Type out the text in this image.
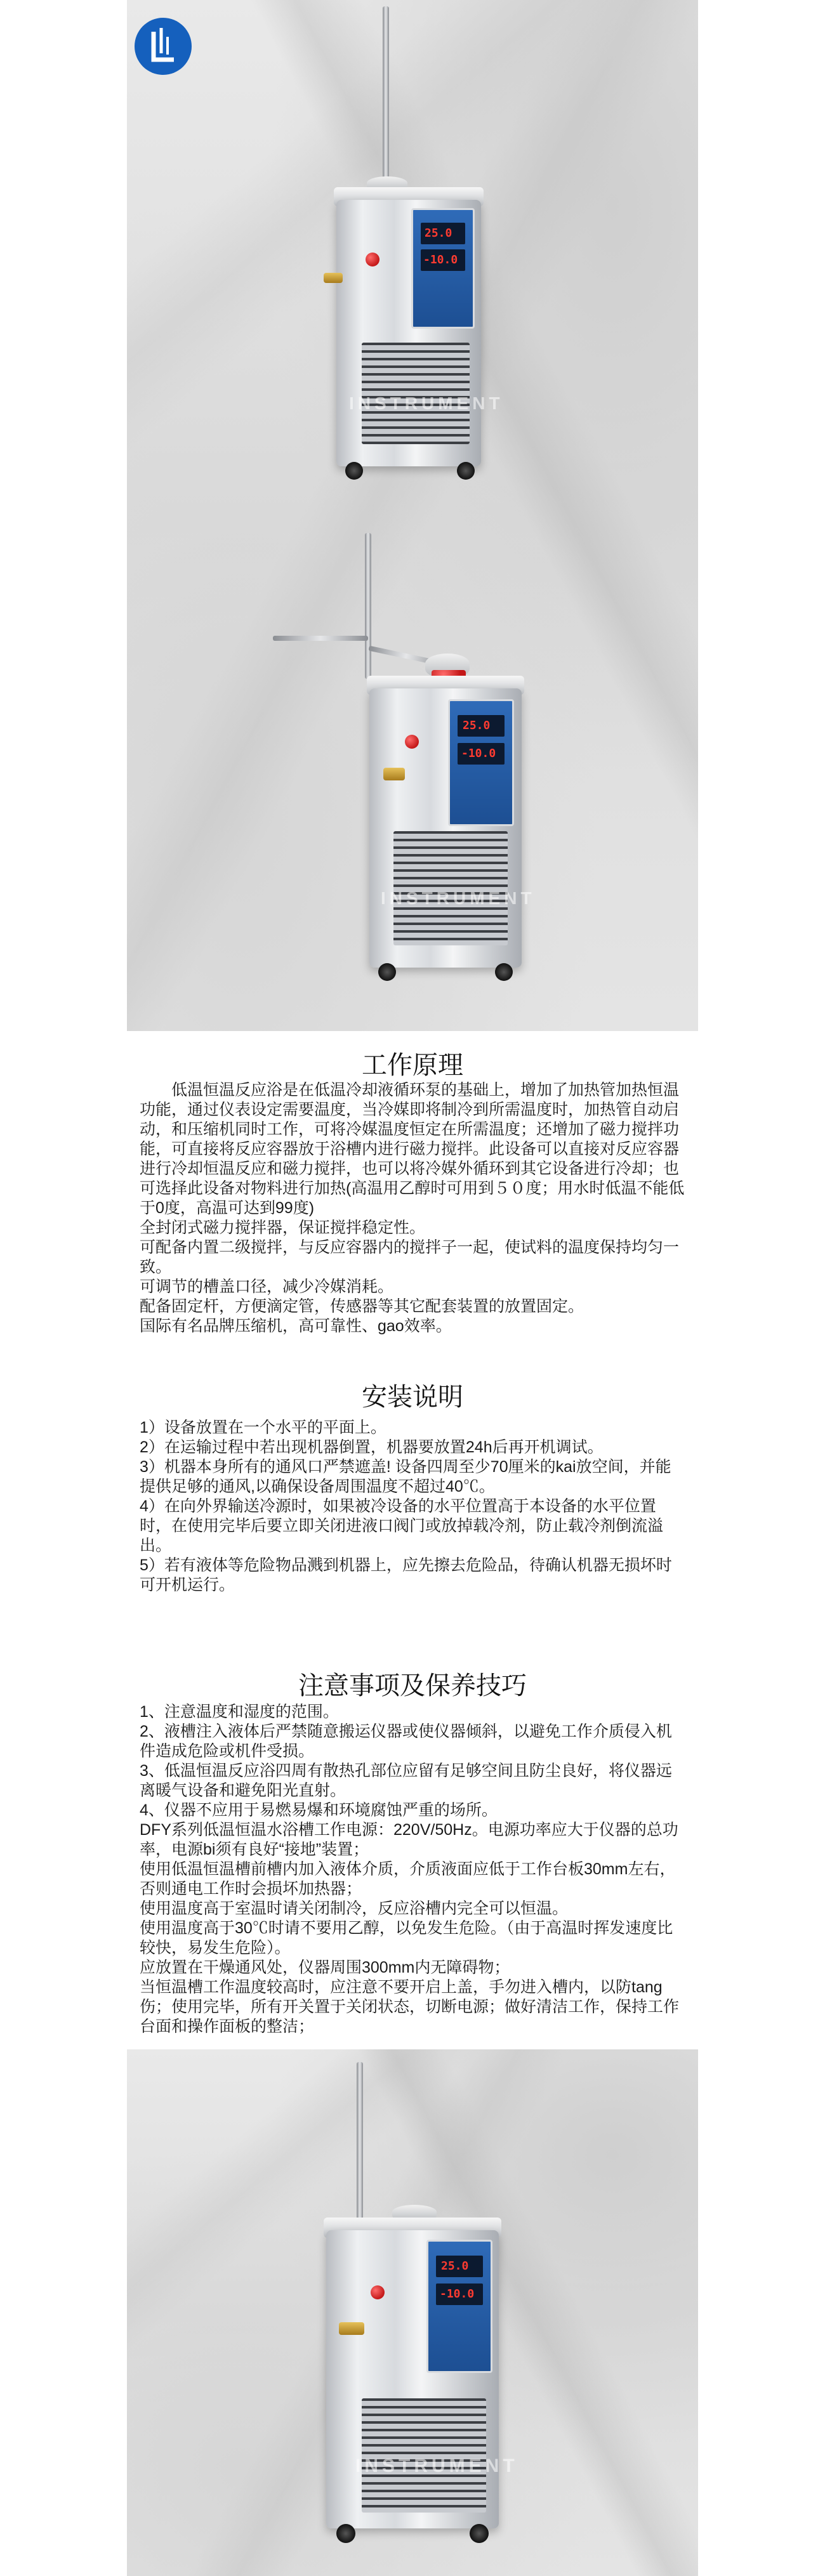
25.0
-10.0
INSTRUMENT
25.0
-10.0
INSTRUMENT
工作原理

　　低温恒温反应浴是在低温冷却液循环泵的基础上，增加了加热管加热恒温功能，通过仪表设定需要温度，当冷媒即将制冷到所需温度时，加热管自动启动，和压缩机同时工作，可将冷媒温度恒定在所需温度；还增加了磁力搅拌功能，可直接将反应容器放于浴槽内进行磁力搅拌。此设备可以直接对反应容器进行冷却恒温反应和磁力搅拌，也可以将冷媒外循环到其它设备进行冷却；也可选择此设备对物料进行加热(高温用乙醇时可用到５０度；用水时低温不能低于0度，高温可达到99度)

全封闭式磁力搅拌器，保证搅拌稳定性。

可配备内置二级搅拌，与反应容器内的搅拌子一起，使试料的温度保持均匀一致。

可调节的槽盖口径，减少冷媒消耗。

配备固定杆，方便滴定管，传感器等其它配套装置的放置固定。

国际有名品牌压缩机，高可靠性、gao效率。

安装说明

1）设备放置在一个水平的平面上。

2）在运输过程中若出现机器倒置，机器要放置24h后再开机调试。

3）机器本身所有的通风口严禁遮盖! 设备四周至少70厘米的kai放空间，并能提供足够的通风,以确保设备周围温度不超过40℃。

4）在向外界输送冷源时，如果被冷设备的水平位置高于本设备的水平位置时，在使用完毕后要立即关闭进液口阀门或放掉载冷剂，防止载冷剂倒流溢出。

5）若有液体等危险物品溅到机器上，应先擦去危险品，待确认机器无损坏时可开机运行。

注意事项及保养技巧

1、注意温度和湿度的范围。

2、液槽注入液体后严禁随意搬运仪器或使仪器倾斜，以避免工作介质侵入机件造成危险或机件受损。

3、低温恒温反应浴四周有散热孔部位应留有足够空间且防尘良好，将仪器远离暖气设备和避免阳光直射。

4、仪器不应用于易燃易爆和环境腐蚀严重的场所。

DFY系列低温恒温水浴槽工作电源：220V/50Hz。电源功率应大于仪器的总功率，电源bi须有良好“接地”装置；

使用低温恒温槽前槽内加入液体介质，介质液面应低于工作台板30mm左右，否则通电工作时会损坏加热器；

使用温度高于室温时请关闭制冷，反应浴槽内完全可以恒温。

使用温度高于30℃时请不要用乙醇，以免发生危险。（由于高温时挥发速度比较快，易发生危险）。

应放置在干燥通风处，仪器周围300mm内无障碍物；

当恒温槽工作温度较高时，应注意不要开启上盖，手勿进入槽内，以防tang伤；使用完毕，所有开关置于关闭状态，切断电源；做好清洁工作，保持工作台面和操作面板的整洁；

25.0
-10.0
INSTRUMENT
